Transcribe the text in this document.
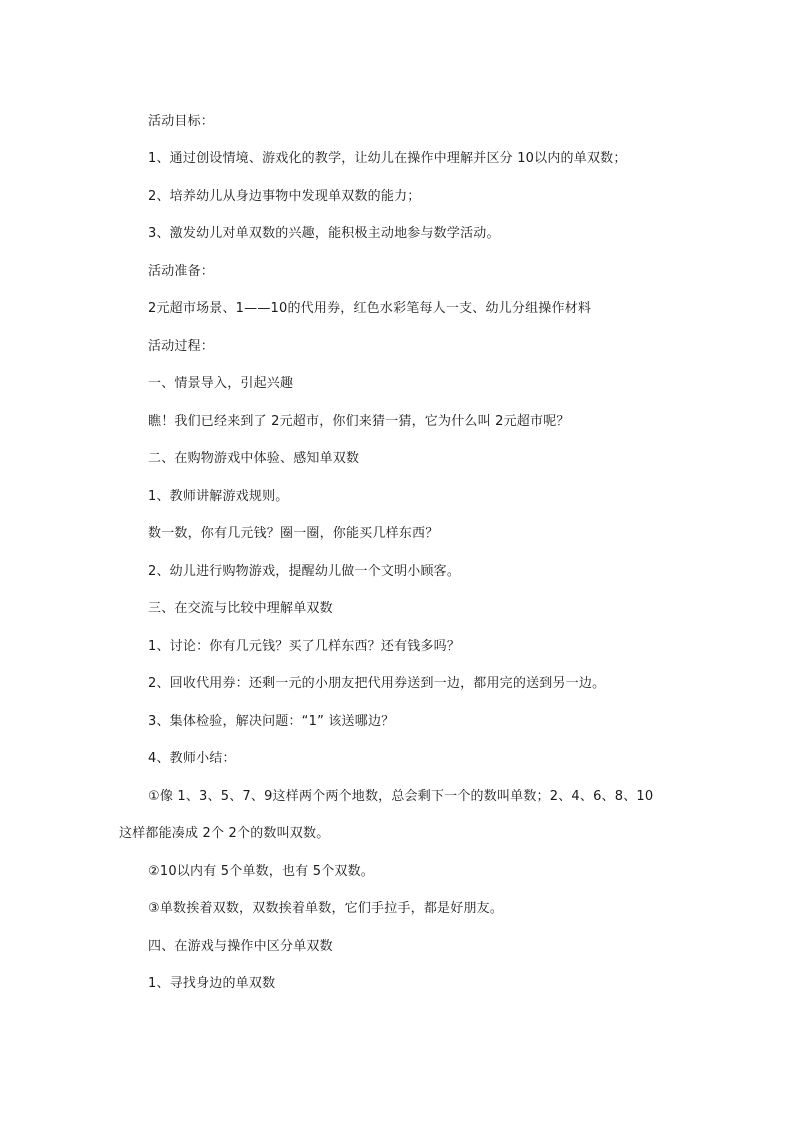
活动目标：
1、通过创设情境、游戏化的教学，让幼儿在操作中理解并区分 10以内的单双数；
2、培养幼儿从身边事物中发现单双数的能力；
3、激发幼儿对单双数的兴趣，能积极主动地参与数学活动。
活动准备：
2元超市场景、1——10的代用券，红色水彩笔每人一支、幼儿分组操作材料
活动过程：
一、情景导入，引起兴趣
瞧！我们已经来到了 2元超市，你们来猜一猜，它为什么叫 2元超市呢？
二、在购物游戏中体验、感知单双数
1、教师讲解游戏规则。
数一数，你有几元钱？圈一圈，你能买几样东西？
2、幼儿进行购物游戏，提醒幼儿做一个文明小顾客。
三、在交流与比较中理解单双数
1、讨论：你有几元钱？买了几样东西？还有钱多吗？
2、回收代用券：还剩一元的小朋友把代用券送到一边，都用完的送到另一边。
3、集体检验，解决问题：“1” 该送哪边？
4、教师小结：
①像 1、3、5、7、9这样两个两个地数，总会剩下一个的数叫单数；2、4、6、8、10
这样都能凑成 2个 2个的数叫双数。
②10以内有 5个单数，也有 5个双数。
③单数挨着双数，双数挨着单数，它们手拉手，都是好朋友。
四、在游戏与操作中区分单双数
1、寻找身边的单双数
